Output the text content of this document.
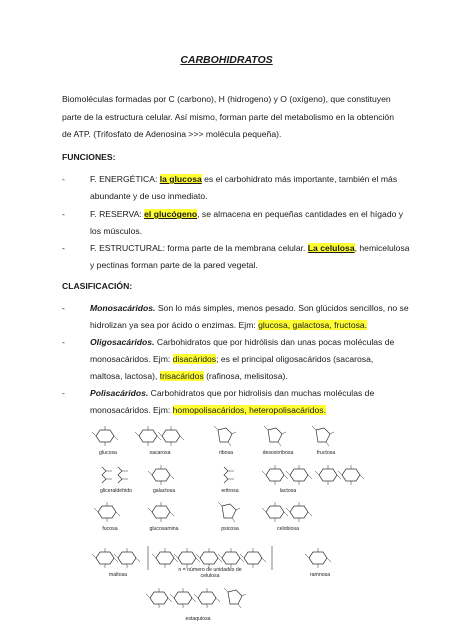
CARBOHIDRATOS
Biomoléculas formadas por C (carbono), H (hidrogeno) y O (oxígeno), que constituyen
parte de la estructura celular. Así mismo, forman parte del metabolismo en la obtención
de ATP. (Trifosfato de Adenosina >>> molécula pequeña).
FUNCIONES:
-	F. ENERGÉTICA: la glucosa es el carbohidrato más importante, también el más
abundante y de uso inmediato.
-	F. RESERVA: el glucógeno, se almacena en pequeñas cantidades en el hígado y
los músculos.
-	F. ESTRUCTURAL: forma parte de la membrana celular. La celulosa, hemicelulosa
y pectinas forman parte de la pared vegetal.
CLASIFICACIÓN:
-	Monosacáridos. Son lo más simples, menos pesado. Son glúcidos sencillos, no se
hidrolizan ya sea por ácido o enzimas. Ejm: glucosa, galactosa, fructosa.
-	Oligosacáridos. Carbohidratos que por hidrólisis dan unas pocas moléculas de
monosacáridos. Ejm: disacáridos; es el principal oligosacáridos (sacarosa,
maltosa, lactosa), trisacáridos (rafinosa, melisitosa).
-	Polisacáridos. Carbohidratos que por hidrolisis dan muchas moléculas de
monosacáridos. Ejm: homopolisacáridos, heteropolisacáridos.
glucosa	sacarosa	ribosa	desoxirribosa	fructosa
gliceraldehido	galactosa	eritrosa	lactosa
fucosa	glucosamina	psicosa	celobiosa
maltosa
n = número de unidades de
celulosa	ramnosa
estaquiosa
